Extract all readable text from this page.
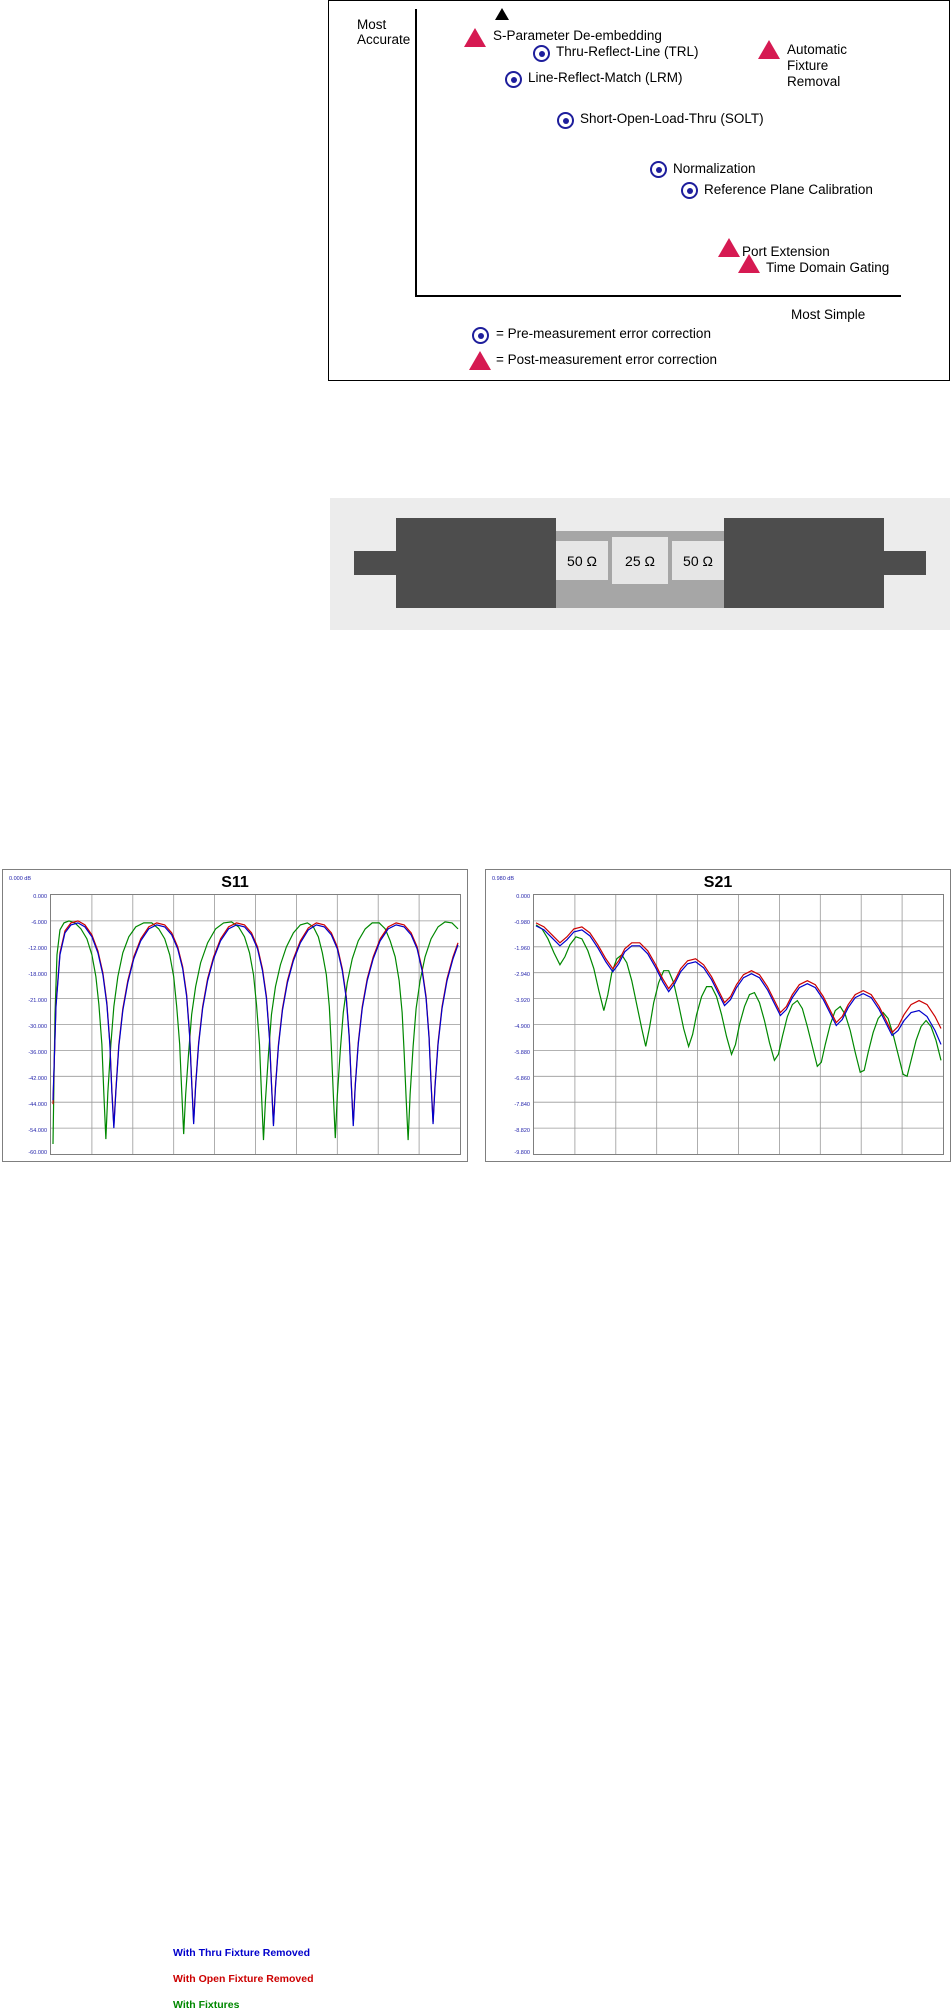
Most
Accurate
Most Simple
S-Parameter De-embedding
Thru-Reflect-Line (TRL)	Automatic
Fixture
Removal
Line-Reflect-Match (LRM)
Short-Open-Load-Thru (SOLT)
Normalization
Reference Plane Calibration
Port Extension
Time Domain Gating
= Pre-measurement error correction
= Post-measurement error correction
50 Ω	25 Ω	50 Ω
S11
0.000 dB
0.000
-6.000
-12.000
-18.000
-21.000
-30.000
-36.000
-42.000
-44.000
-54.000
-60.000
With Thru Fixture Removed
With Open Fixture Removed
With Fixtures
S21
0.980 dB
0.000
-0.980
-1.960
-2.940
-3.920
-4.900
-5.880
-6.860
-7.840
-8.820
-9.800
